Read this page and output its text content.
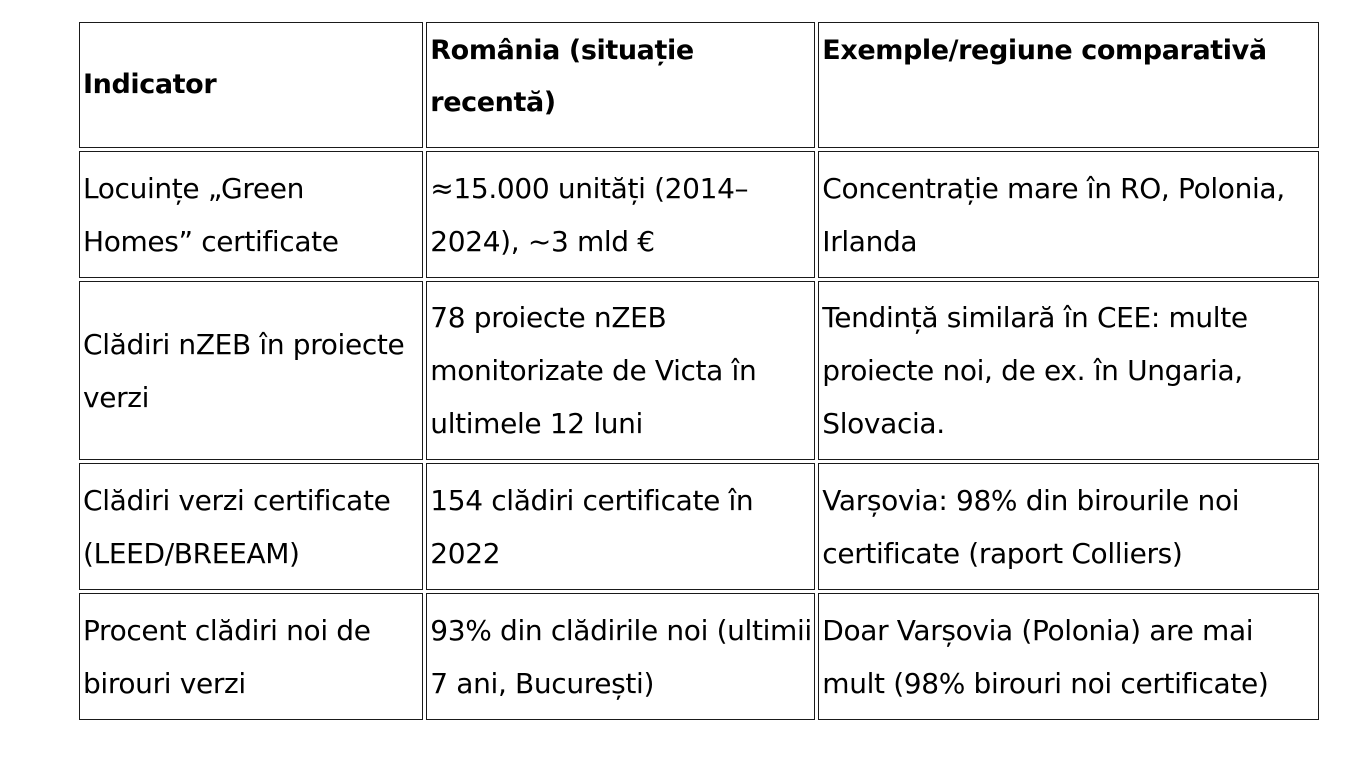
Indicator	România (situație recentă)	Exemple/regiune comparativă
Locuințe „Green Homes” certificate	≈15.000 unități (2014–2024), ~3 mld €	Concentrație mare în RO, Polonia, Irlanda
Clădiri nZEB în proiecte verzi	78 proiecte nZEB monitorizate de Victa în ultimele 12 luni	Tendință similară în CEE: multe proiecte noi, de ex. în Ungaria, Slovacia.
Clădiri verzi certificate (LEED/BREEAM)	154 clădiri certificate în 2022	Varșovia: 98% din birourile noi certificate (raport Colliers)
Procent clădiri noi de birouri verzi	93% din clădirile noi (ultimii 7 ani, București)	Doar Varșovia (Polonia) are mai mult (98% birouri noi certificate)
